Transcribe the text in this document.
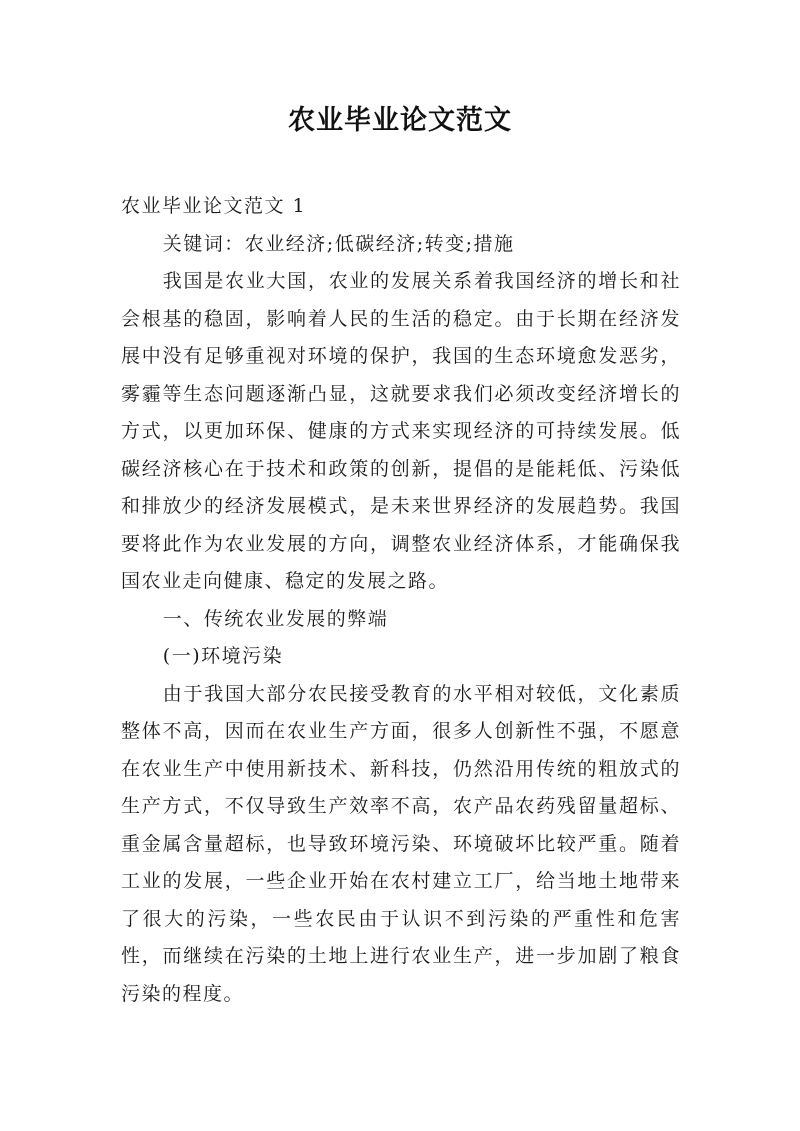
农业毕业论文范文

农业毕业论文范文 1

关键词：农业经济;低碳经济;转变;措施

我国是农业大国，农业的发展关系着我国经济的增长和社会根基的稳固，影响着人民的生活的稳定。由于长期在经济发展中没有足够重视对环境的保护，我国的生态环境愈发恶劣，雾霾等生态问题逐渐凸显，这就要求我们必须改变经济增长的方式，以更加环保、健康的方式来实现经济的可持续发展。低碳经济核心在于技术和政策的创新，提倡的是能耗低、污染低和排放少的经济发展模式，是未来世界经济的发展趋势。我国要将此作为农业发展的方向，调整农业经济体系，才能确保我国农业走向健康、稳定的发展之路。

一、传统农业发展的弊端

(一)环境污染

由于我国大部分农民接受教育的水平相对较低，文化素质整体不高，因而在农业生产方面，很多人创新性不强，不愿意在农业生产中使用新技术、新科技，仍然沿用传统的粗放式的生产方式，不仅导致生产效率不高，农产品农药残留量超标、重金属含量超标，也导致环境污染、环境破坏比较严重。随着工业的发展，一些企业开始在农村建立工厂，给当地土地带来了很大的污染，一些农民由于认识不到污染的严重性和危害性，而继续在污染的土地上进行农业生产，进一步加剧了粮食污染的程度。
